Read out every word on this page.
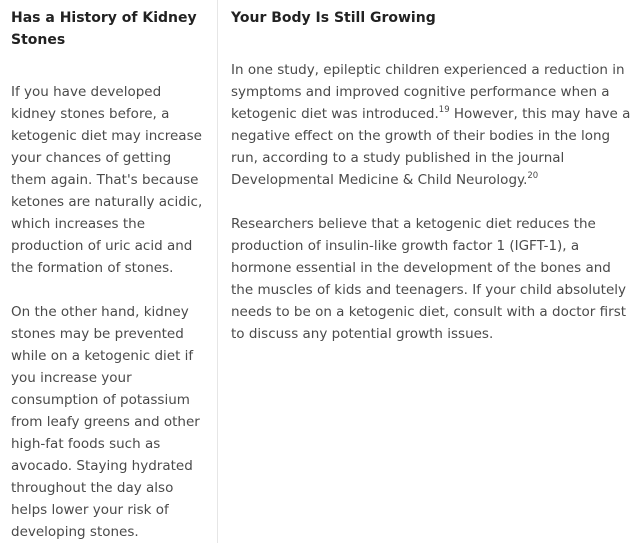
Has a History of Kidney Stones

If you have developed kidney stones before, a ketogenic diet may increase your chances of getting them again. That's because ketones are naturally acidic, which increases the production of uric acid and the formation of stones.

On the other hand, kidney stones may be prevented while on a ketogenic diet if you increase your consumption of potassium from leafy greens and other high-fat foods such as avocado. Staying hydrated throughout the day also helps lower your risk of developing stones.

Your Body Is Still Growing

In one study, epileptic children experienced a reduction in symptoms and improved cognitive performance when a ketogenic diet was introduced.$^{19}$ However, this may have a negative effect on the growth of their bodies in the long run, according to a study published in the journal Developmental Medicine & Child Neurology.$^{20}$

Researchers believe that a ketogenic diet reduces the production of insulin-like growth factor 1 (IGFT-1), a hormone essential in the development of the bones and the muscles of kids and teenagers. If your child absolutely needs to be on a ketogenic diet, consult with a doctor first to discuss any potential growth issues.
